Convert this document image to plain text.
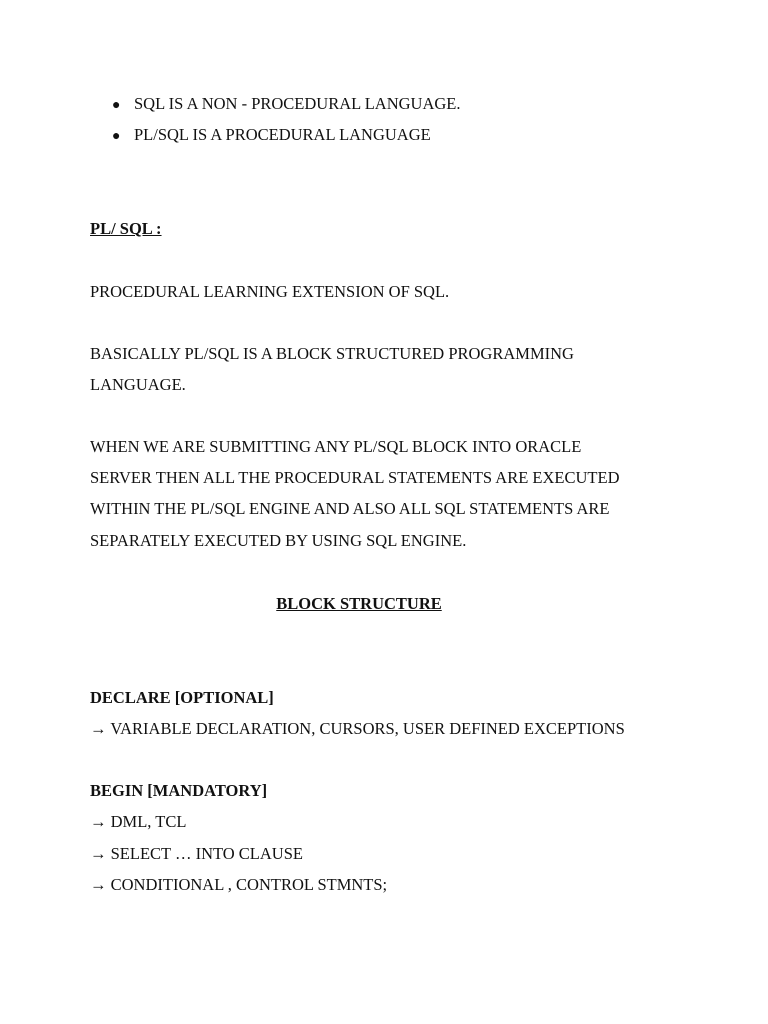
● SQL IS A NON - PROCEDURAL LANGUAGE.
● PL/SQL IS A PROCEDURAL LANGUAGE
PL/ SQL :
PROCEDURAL LEARNING EXTENSION OF SQL.
BASICALLY PL/SQL IS A BLOCK STRUCTURED PROGRAMMING
LANGUAGE.
WHEN WE ARE SUBMITTING ANY PL/SQL BLOCK INTO ORACLE
SERVER THEN ALL THE PROCEDURAL STATEMENTS ARE EXECUTED
WITHIN THE PL/SQL ENGINE AND ALSO ALL SQL STATEMENTS ARE
SEPARATELY EXECUTED BY USING SQL ENGINE.
BLOCK STRUCTURE
DECLARE [OPTIONAL]
→ VARIABLE DECLARATION, CURSORS, USER DEFINED EXCEPTIONS
BEGIN [MANDATORY]
→ DML, TCL
→ SELECT … INTO CLAUSE
→ CONDITIONAL , CONTROL STMNTS;
